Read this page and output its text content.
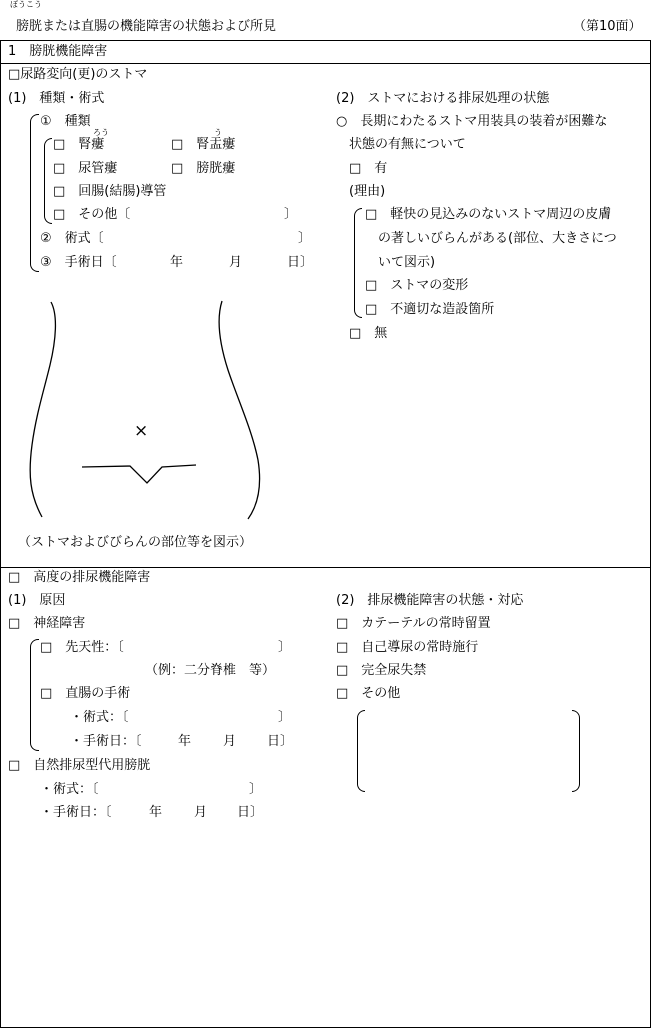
ぼうこう
膀胱または直腸の機能障害の状態および所見	（第10面）
1　膀胱機能障害
□尿路変向(更)のストマ
(1)　種類・術式
①　種類
ろう	う
□　腎瘻	□　腎盂瘻
□　尿管瘻	□　膀胱瘻
□　回腸(結腸)導管
□　その他〔	〕
②　術式〔	〕
③　手術日〔	年	月	日〕
×
（ストマおよびびらんの部位等を図示）
(2)　ストマにおける排尿処理の状態
○　長期にわたるストマ用装具の装着が困難な
状態の有無について
□　有
(理由)
□　軽快の見込みのないストマ周辺の皮膚
の著しいびらんがある(部位、大きさにつ
いて図示)
□　ストマの変形
□　不適切な造設箇所
□　無
□　高度の排尿機能障害
(1)　原因
□　神経障害
□　先天性：〔	〕
（例：二分脊椎　等）
□　直腸の手術
・術式：〔	〕
・手術日：〔	年 月 日〕
□　自然排尿型代用膀胱
・術式：〔	〕
・手術日：〔	年 月 日〕
(2)　排尿機能障害の状態・対応
□　カテーテルの常時留置
□　自己導尿の常時施行
□　完全尿失禁
□　その他
